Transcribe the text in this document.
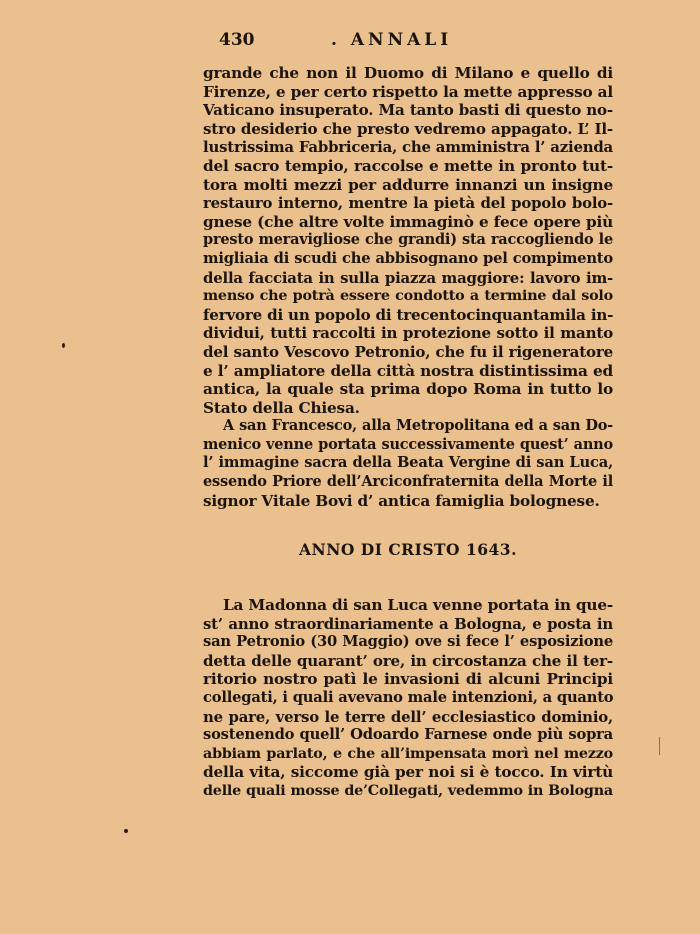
430	. ANNALI
grande che non il Duomo di Milano e quello di
Firenze, e per certo rispetto la mette appresso al
Vaticano insuperato. Ma tanto basti di questo no-
stro desiderio che presto vedremo appagato. L’ Il-
lustrissima Fabbriceria, che amministra l’ azienda
del sacro tempio, raccolse e mette in pronto tut-
tora molti mezzi per addurre innanzi un insigne
restauro interno, mentre la pietà del popolo bolo-
gnese (che altre volte immaginò e fece opere più
presto meravigliose che grandi) sta raccogliendo le
migliaia di scudi che abbisognano pel compimento
della facciata in sulla piazza maggiore: lavoro im-
menso che potrà essere condotto a termine dal solo
fervore di un popolo di trecentocinquantamila in-
dividui, tutti raccolti in protezione sotto il manto
del santo Vescovo Petronio, che fu il rigeneratore
e l’ ampliatore della città nostra distintissima ed
antica, la quale sta prima dopo Roma in tutto lo
Stato della Chiesa.
A san Francesco, alla Metropolitana ed a san Do-
menico venne portata successivamente quest’ anno
l’ immagine sacra della Beata Vergine di san Luca,
essendo Priore dell’Arciconfraternita della Morte il
signor Vitale Bovi d’ antica famiglia bolognese.
ANNO DI CRISTO 1643.
La Madonna di san Luca venne portata in que-
st’ anno straordinariamente a Bologna, e posta in
san Petronio (30 Maggio) ove si fece l’ esposizione
detta delle quarant’ ore, in circostanza che il ter-
ritorio nostro patì le invasioni di alcuni Principi
collegati, i quali avevano male intenzioni, a quanto
ne pare, verso le terre dell’ ecclesiastico dominio,
sostenendo quell’ Odoardo Farnese onde più sopra
abbiam parlato, e che all’impensata morì nel mezzo
della vita, siccome già per noi si è tocco. In virtù
delle quali mosse de’Collegati, vedemmo in Bologna
